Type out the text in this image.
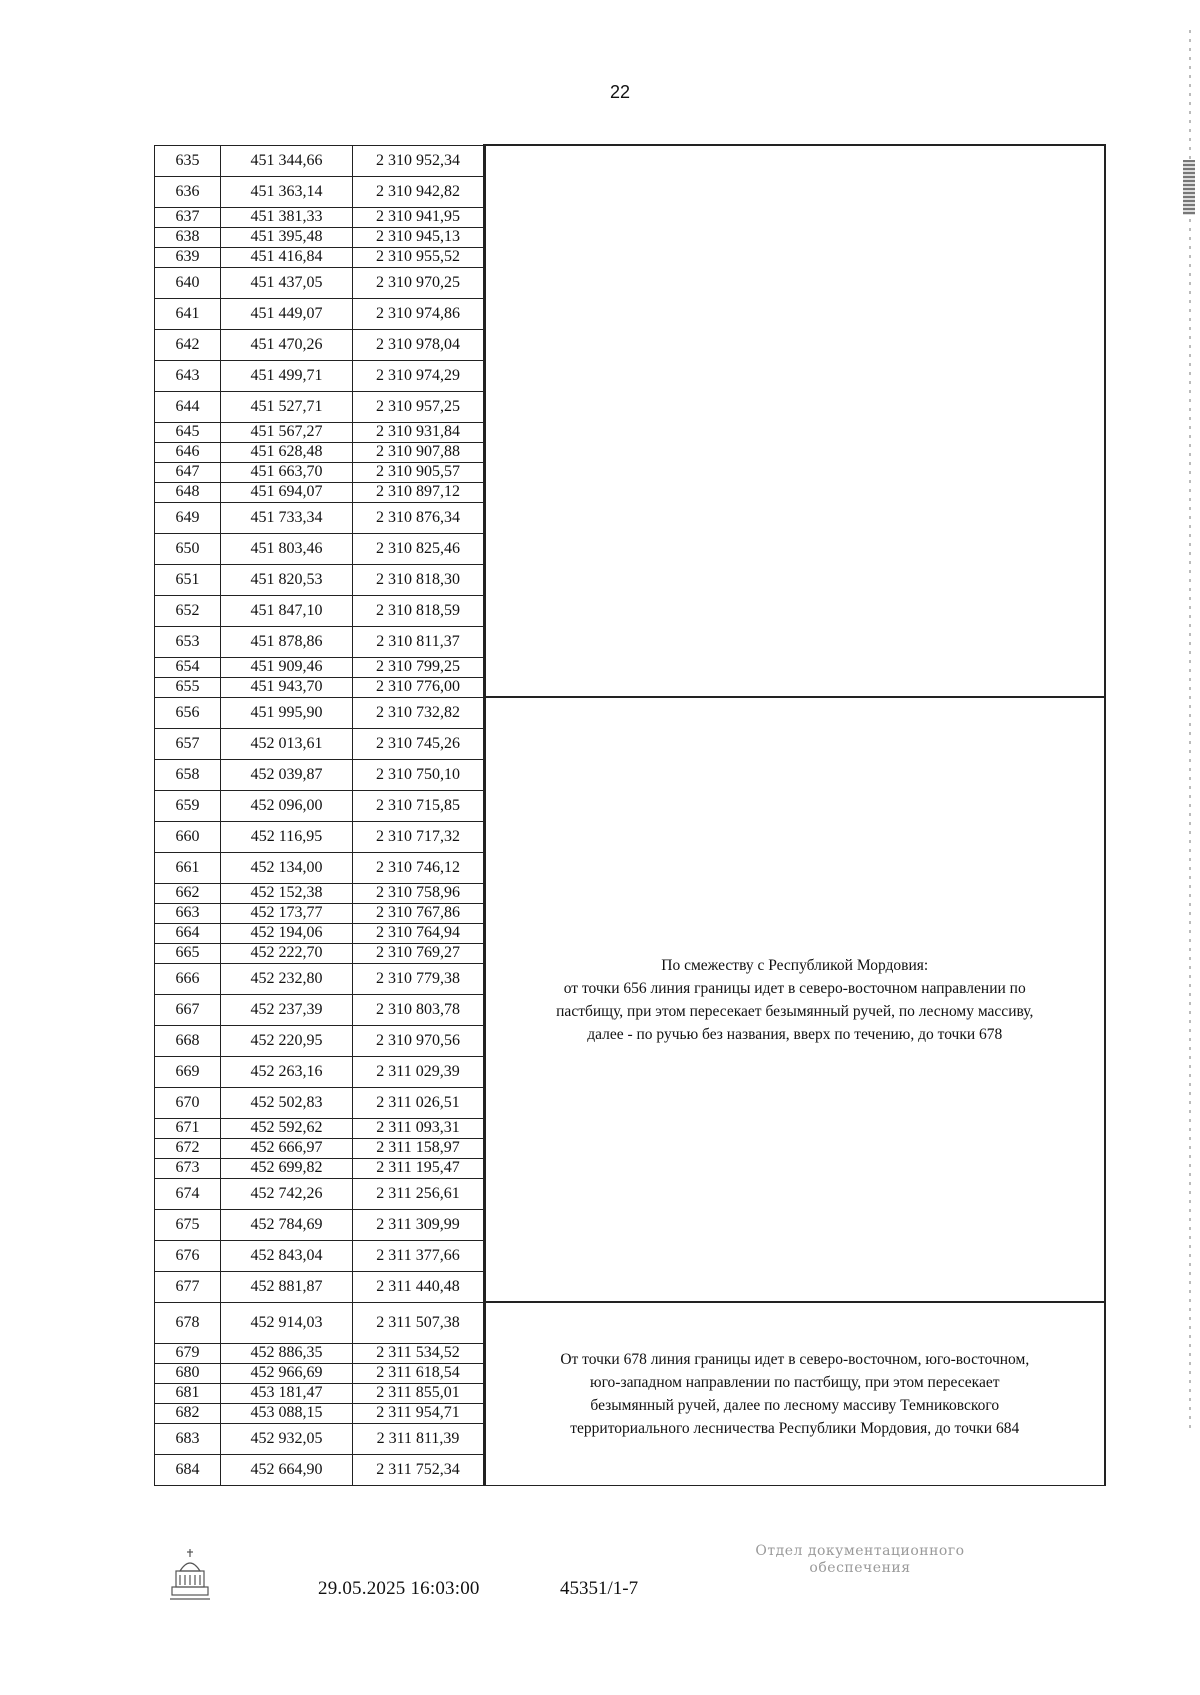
22
635	451 344,66	2 310 952,34	
636	451 363,14	2 310 942,82	
637	451 381,33	2 310 941,95	
638	451 395,48	2 310 945,13	
639	451 416,84	2 310 955,52	
640	451 437,05	2 310 970,25	
641	451 449,07	2 310 974,86	
642	451 470,26	2 310 978,04	
643	451 499,71	2 310 974,29	
644	451 527,71	2 310 957,25	
645	451 567,27	2 310 931,84	
646	451 628,48	2 310 907,88	
647	451 663,70	2 310 905,57	
648	451 694,07	2 310 897,12	
649	451 733,34	2 310 876,34	
650	451 803,46	2 310 825,46	
651	451 820,53	2 310 818,30	
652	451 847,10	2 310 818,59	
653	451 878,86	2 310 811,37	
654	451 909,46	2 310 799,25	
655	451 943,70	2 310 776,00	
656	451 995,90	2 310 732,82	По смежеству с Республикой Мордовия:
от точки 656 линия границы идет в северо-восточном направлении по
пастбищу, при этом пересекает безымянный ручей, по лесному массиву,
далее - по ручью без названия, вверх по течению, до точки 678

657	452 013,61	2 310 745,26	
658	452 039,87	2 310 750,10	
659	452 096,00	2 310 715,85	
660	452 116,95	2 310 717,32	
661	452 134,00	2 310 746,12	
662	452 152,38	2 310 758,96	
663	452 173,77	2 310 767,86	
664	452 194,06	2 310 764,94	
665	452 222,70	2 310 769,27	
666	452 232,80	2 310 779,38	
667	452 237,39	2 310 803,78	
668	452 220,95	2 310 970,56	
669	452 263,16	2 311 029,39	
670	452 502,83	2 311 026,51	
671	452 592,62	2 311 093,31	
672	452 666,97	2 311 158,97	
673	452 699,82	2 311 195,47	
674	452 742,26	2 311 256,61	
675	452 784,69	2 311 309,99	
676	452 843,04	2 311 377,66	
677	452 881,87	2 311 440,48	
678	452 914,03	2 311 507,38	От точки 678 линия границы идет в северо-восточном, юго-восточном,
юго-западном направлении по пастбищу, при этом пересекает
безымянный ручей, далее по лесному массиву Темниковского
территориального лесничества Республики Мордовия, до точки 684

679	452 886,35	2 311 534,52	
680	452 966,69	2 311 618,54	
681	453 181,47	2 311 855,01	
682	453 088,15	2 311 954,71	
683	452 932,05	2 311 811,39	
684	452 664,90	2 311 752,34	
29.05.2025 16:03:00	45351/1-7
Отдел документационного
обеспечения
